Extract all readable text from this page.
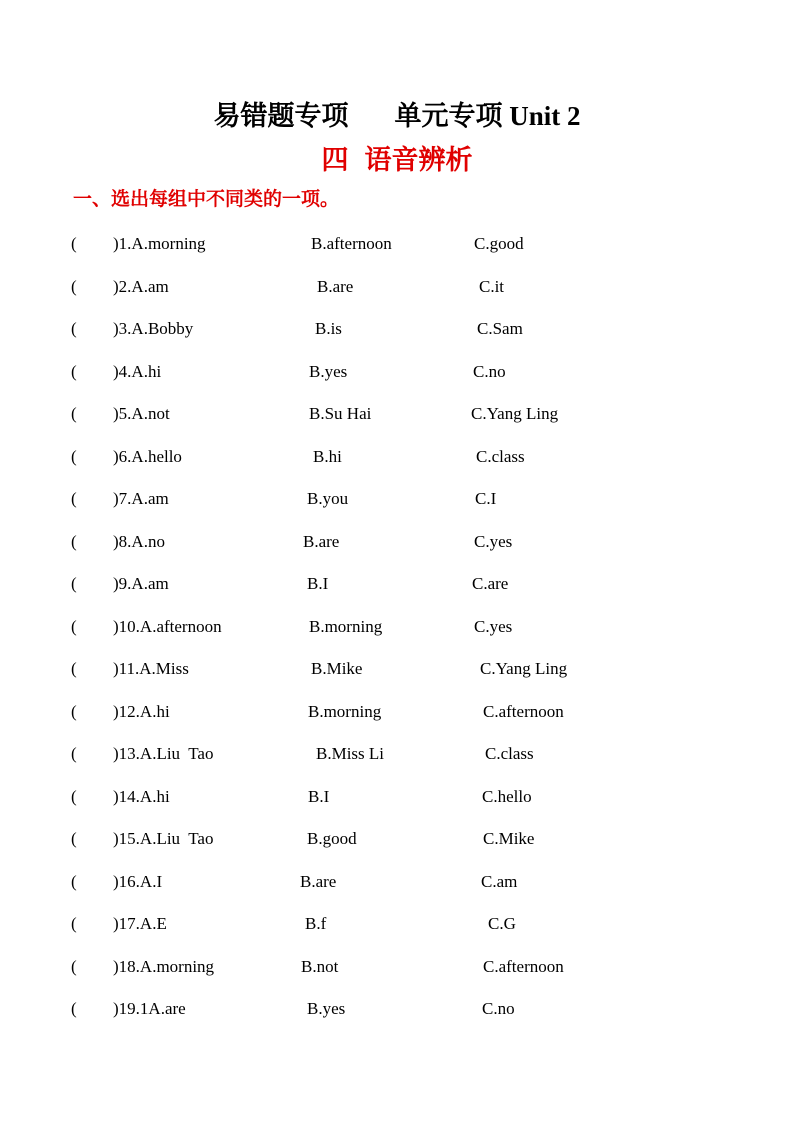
易错题专项 单元专项 Unit 2
四 语音辨析
一、选出每组中不同类的一项。
( )1.A.morning	B.afternoon	C.good
( )2.A.am	B.are	C.it
( )3.A.Bobby	B.is	C.Sam
( )4.A.hi	B.yes	C.no
( )5.A.not	B.Su Hai	C.Yang Ling
( )6.A.hello	B.hi	C.class
( )7.A.am	B.you	C.I
( )8.A.no	B.are	C.yes
( )9.A.am	B.I	C.are
( )10.A.afternoon	B.morning	C.yes
( )11.A.Miss	B.Mike	C.Yang Ling
( )12.A.hi	B.morning	C.afternoon
( )13.A.Liu  Tao	B.Miss Li	C.class
( )14.A.hi	B.I	C.hello
( )15.A.Liu  Tao	B.good	C.Mike
( )16.A.I	B.are	C.am
( )17.A.E	B.f	C.G
( )18.A.morning	B.not	C.afternoon
( )19.1A.are	B.yes	C.no
